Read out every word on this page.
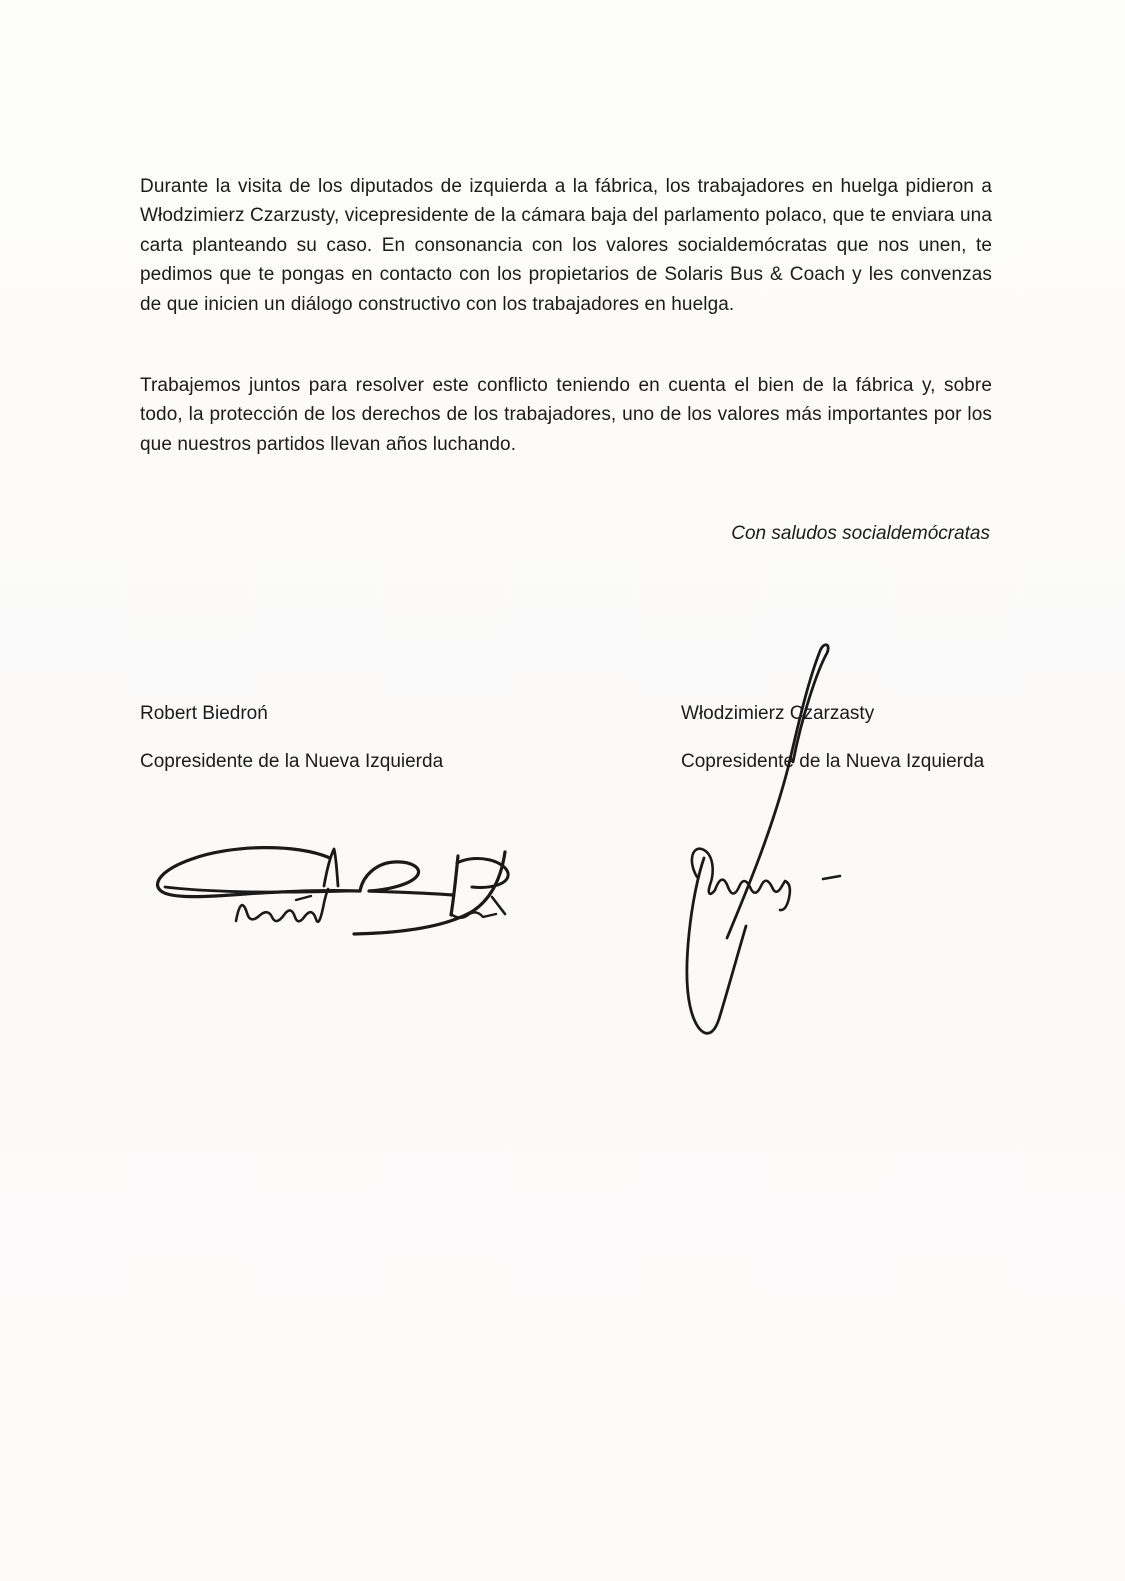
Durante la visita de los diputados de izquierda a la fábrica, los trabajadores en huelga pidieron a Włodzimierz Czarzusty, vicepresidente de la cámara baja del parlamento polaco, que te enviara una carta planteando su caso. En consonancia con los valores socialdemócratas que nos unen, te pedimos que te pongas en contacto con los propietarios de Solaris Bus & Coach y les convenzas de que inicien un diálogo constructivo con los trabajadores en huelga.

Trabajemos juntos para resolver este conflicto teniendo en cuenta el bien de la fábrica y, sobre todo, la protección de los derechos de los trabajadores, uno de los valores más importantes por los que nuestros partidos llevan años luchando.

Con saludos socialdemócratas

Robert Biedroń

Copresidente de la Nueva Izquierda

Włodzimierz Czarzasty

Copresidente de la Nueva Izquierda
